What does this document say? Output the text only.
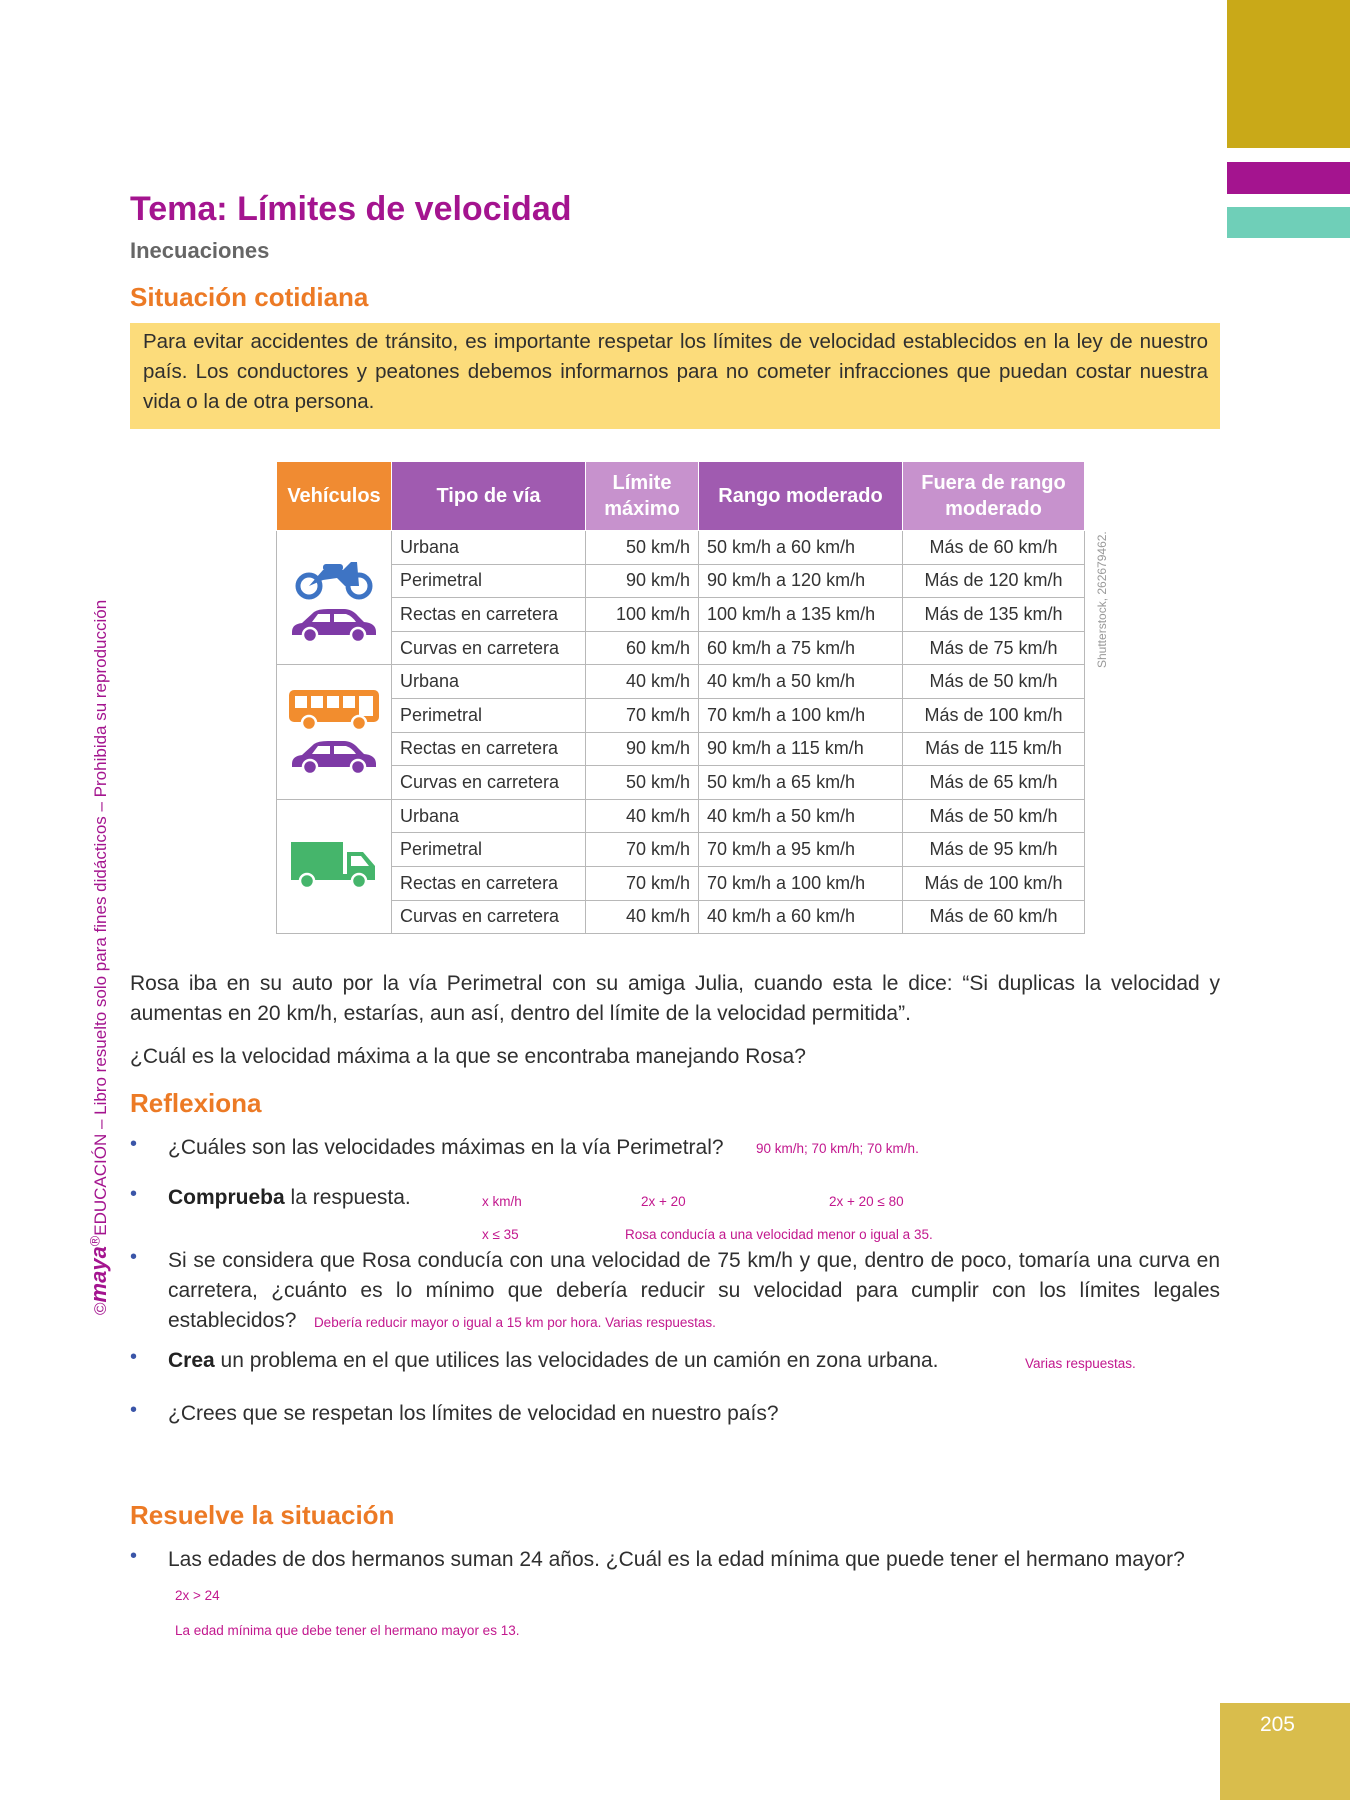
205
©maya®EDUCACIÓN – Libro resuelto solo para fines didácticos – Prohibida su reproducción
Tema: Límites de velocidad
Inecuaciones
Situación cotidiana
Para evitar accidentes de tránsito, es importante respetar los límites de velocidad establecidos en la ley de nuestro país. Los conductores y peatones debemos informarnos para no cometer infracciones que puedan costar nuestra vida o la de otra persona.
Vehículos	Tipo de vía	Límite máximo	Rango moderado	Fuera de rango moderado

	Urbana	50 km/h	50 km/h a 60 km/h	Más de 60 km/h
	Perimetral	90 km/h	90 km/h a 120 km/h	Más de 120 km/h
	Rectas en carretera	100 km/h	100 km/h a 135 km/h	Más de 135 km/h
	Curvas en carretera	60 km/h	60 km/h a 75 km/h	Más de 75 km/h

	Urbana	40 km/h	40 km/h a 50 km/h	Más de 50 km/h
	Perimetral	70 km/h	70 km/h a 100 km/h	Más de 100 km/h
	Rectas en carretera	90 km/h	90 km/h a 115 km/h	Más de 115 km/h
	Curvas en carretera	50 km/h	50 km/h a 65 km/h	Más de 65 km/h

	Urbana	40 km/h	40 km/h a 50 km/h	Más de 50 km/h
	Perimetral	70 km/h	70 km/h a 95 km/h	Más de 95 km/h
	Rectas en carretera	70 km/h	70 km/h a 100 km/h	Más de 100 km/h
	Curvas en carretera	40 km/h	40 km/h a 60 km/h	Más de 60 km/h
Shutterstock, 262679462.
Rosa iba en su auto por la vía Perimetral con su amiga Julia, cuando esta le dice: “Si duplicas la velocidad y aumentas en 20 km/h, estarías, aun así, dentro del límite de la velocidad permitida”.
¿Cuál es la velocidad máxima a la que se encontraba manejando Rosa?
Reflexiona
• ¿Cuáles son las velocidades máximas en la vía Perimetral? 90 km/h; 70 km/h; 70 km/h.
• Comprueba la respuesta.	x km/h	2x + 20	2x + 20 ≤ 80
x ≤ 35	Rosa conducía a una velocidad menor o igual a 35.
• Si se considera que Rosa conducía con una velocidad de 75 km/h y que, dentro de poco, tomaría una curva en carretera, ¿cuánto es lo mínimo que debería reducir su velocidad para cumplir con los límites legales establecidos? Debería reducir mayor o igual a 15 km por hora. Varias respuestas.
• Crea un problema en el que utilices las velocidades de un camión en zona urbana.	Varias respuestas.
• ¿Crees que se respetan los límites de velocidad en nuestro país?
Resuelve la situación
• Las edades de dos hermanos suman 24 años. ¿Cuál es la edad mínima que puede tener el hermano mayor?
2x > 24
La edad mínima que debe tener el hermano mayor es 13.
